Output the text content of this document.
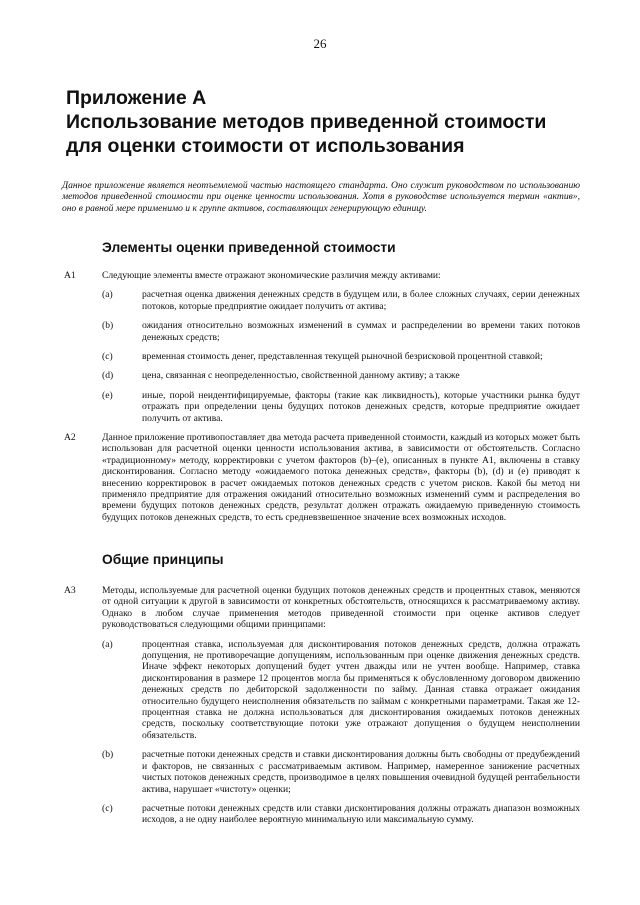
26
Приложение А
Использование методов приведенной стоимости
для оценки стоимости от использования
Данное приложение является неотъемлемой частью настоящего стандарта. Оно служит руководством по использованию методов приведенной стоимости при оценке ценности использования. Хотя в руководстве используется термин «актив», оно в равной мере применимо и к группе активов, составляющих генерирующую единицу.
Элементы оценки приведенной стоимости
А1	Следующие элементы вместе отражают экономические различия между активами:
(a)	расчетная оценка движения денежных средств в будущем или, в более сложных случаях, серии денежных потоков, которые предприятие ожидает получить от актива;
(b)	ожидания относительно возможных изменений в суммах и распределении во времени таких потоков денежных средств;
(c)	временная стоимость денег, представленная текущей рыночной безрисковой процентной ставкой;
(d)	цена, связанная с неопределенностью, свойственной данному активу; а также
(e)	иные, порой неидентифицируемые, факторы (такие как ликвидность), которые участники рынка будут отражать при определении цены будущих потоков денежных средств, которые предприятие ожидает получить от актива.
А2	Данное приложение противопоставляет два метода расчета приведенной стоимости, каждый из которых может быть использован для расчетной оценки ценности использования актива, в зависимости от обстоятельств. Согласно «традиционному» методу, корректировки с учетом факторов (b)–(e), описанных в пункте А1, включены в ставку дисконтирования. Согласно методу «ожидаемого потока денежных средств», факторы (b), (d) и (e) приводят к внесению корректировок в расчет ожидаемых потоков денежных средств с учетом рисков. Какой бы метод ни применяло предприятие для отражения ожиданий относительно возможных изменений сумм и распределения во времени будущих потоков денежных средств, результат должен отражать ожидаемую приведенную стоимость будущих потоков денежных средств, то есть средневзвешенное значение всех возможных исходов.
Общие принципы
А3	Методы, используемые для расчетной оценки будущих потоков денежных средств и процентных ставок, меняются от одной ситуации к другой в зависимости от конкретных обстоятельств, относящихся к рассматриваемому активу. Однако в любом случае применения методов приведенной стоимости при оценке активов следует руководствоваться следующими общими принципами:
(a)	процентная ставка, используемая для дисконтирования потоков денежных средств, должна отражать допущения, не противоречащие допущениям, использованным при оценке движения денежных средств. Иначе эффект некоторых допущений будет учтен дважды или не учтен вообще. Например, ставка дисконтирования в размере 12 процентов могла бы применяться к обусловленному договором движению денежных средств по дебиторской задолженности по займу. Данная ставка отражает ожидания относительно будущего неисполнения обязательств по займам с конкретными параметрами. Такая же 12-процентная ставка не должна использоваться для дисконтирования ожидаемых потоков денежных средств, поскольку соответствующие потоки уже отражают допущения о будущем неисполнении обязательств.
(b)	расчетные потоки денежных средств и ставки дисконтирования должны быть свободны от предубеждений и факторов, не связанных с рассматриваемым активом. Например, намеренное занижение расчетных чистых потоков денежных средств, производимое в целях повышения очевидной будущей рентабельности актива, нарушает «чистоту» оценки;
(c)	расчетные потоки денежных средств или ставки дисконтирования должны отражать диапазон возможных исходов, а не одну наиболее вероятную минимальную или максимальную сумму.
